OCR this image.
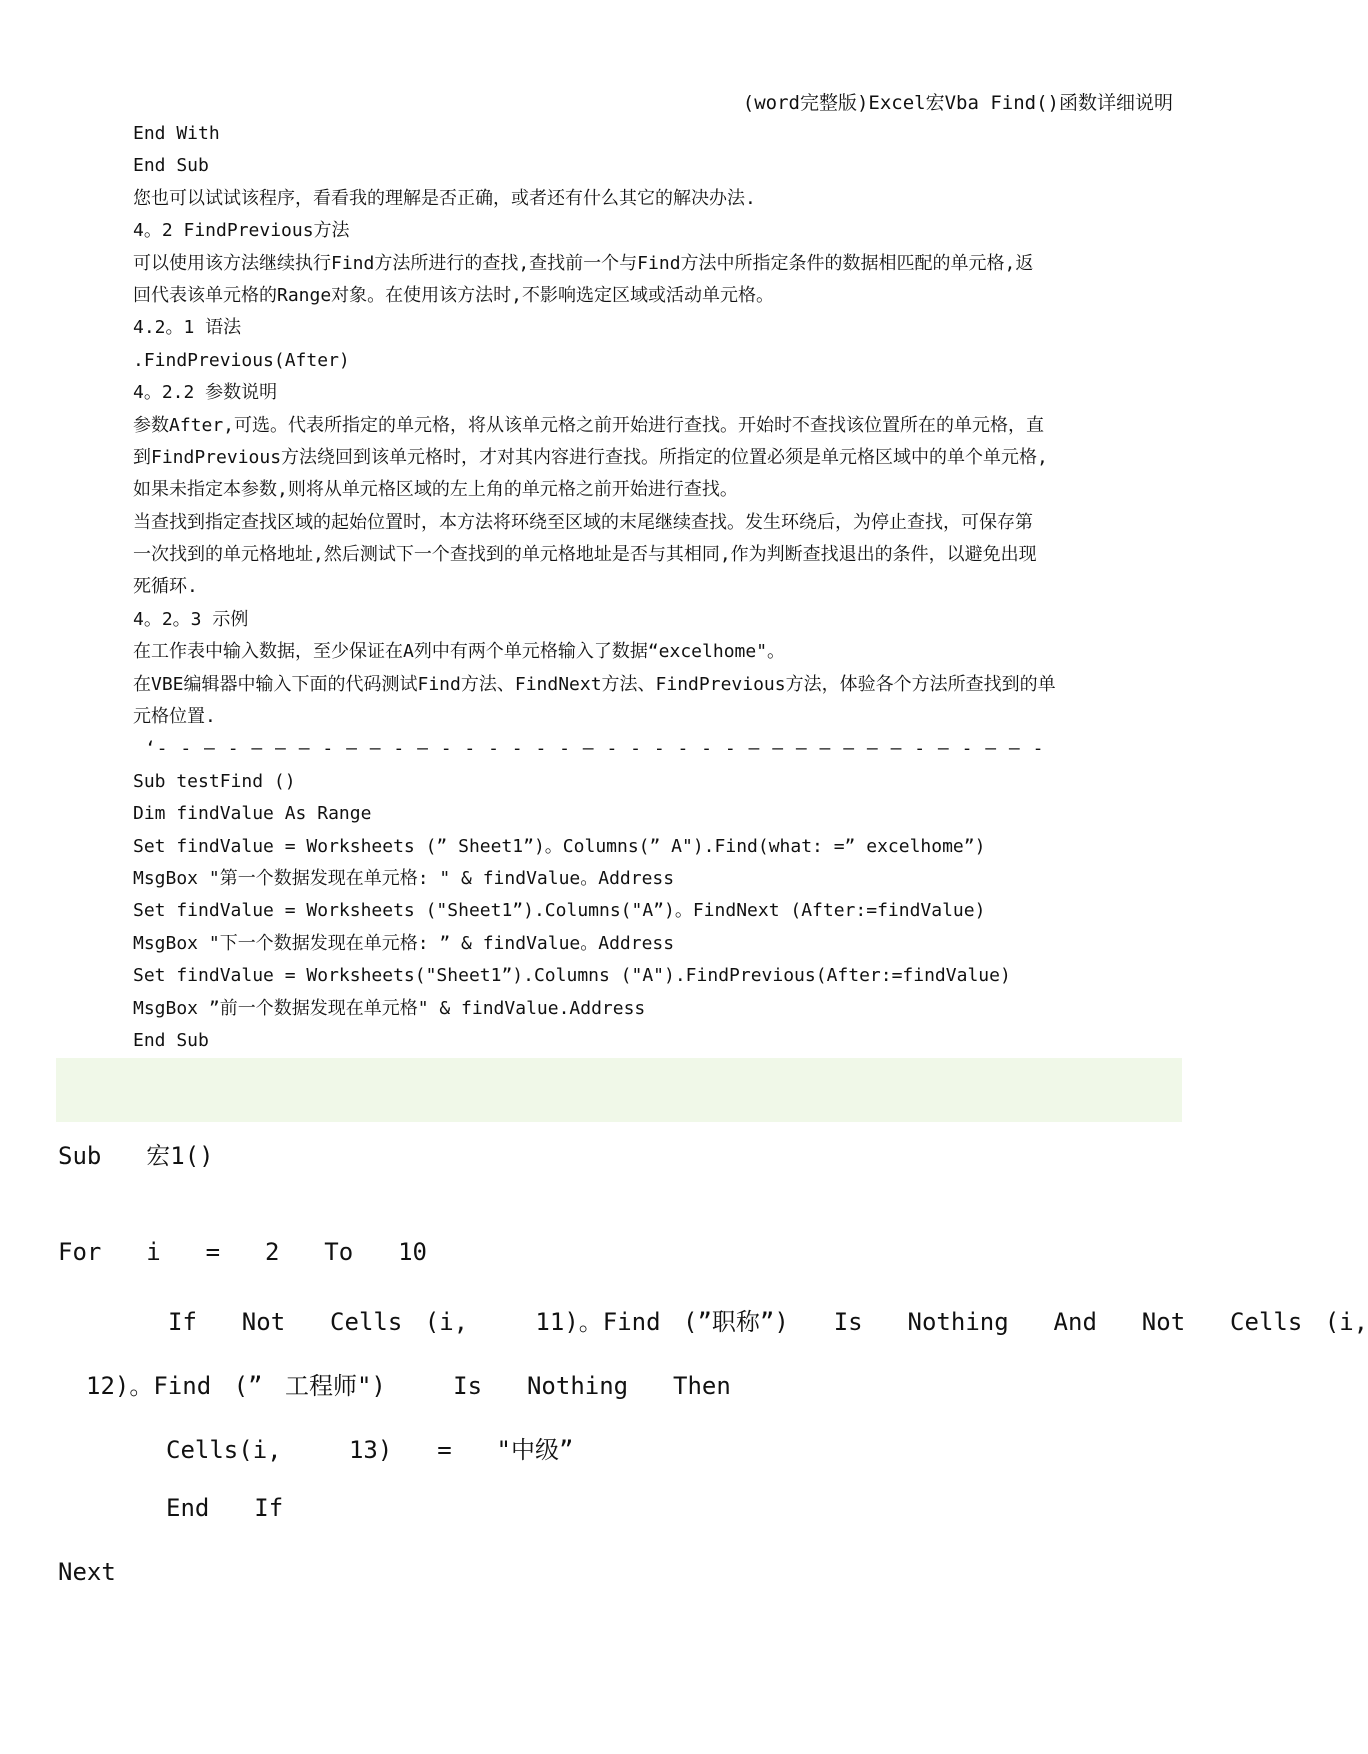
(word完整版)Excel宏Vba Find()函数详细说明
End With
End Sub
您也可以试试该程序，看看我的理解是否正确，或者还有什么其它的解决办法.
4。2 FindPrevious方法
可以使用该方法继续执行Find方法所进行的查找,查找前一个与Find方法中所指定条件的数据相匹配的单元格,返
回代表该单元格的Range对象。在使用该方法时,不影响选定区域或活动单元格。
4.2。1 语法
.FindPrevious(After)
4。2.2 参数说明
参数After,可选。代表所指定的单元格，将从该单元格之前开始进行查找。开始时不查找该位置所在的单元格，直
到FindPrevious方法绕回到该单元格时，才对其内容进行查找。所指定的位置必须是单元格区域中的单个单元格,
如果未指定本参数,则将从单元格区域的左上角的单元格之前开始进行查找。
当查找到指定查找区域的起始位置时，本方法将环绕至区域的末尾继续查找。发生环绕后，为停止查找，可保存第
一次找到的单元格地址,然后测试下一个查找到的单元格地址是否与其相同,作为判断查找退出的条件，以避免出现
死循环.
4。2。3 示例
在工作表中输入数据，至少保证在A列中有两个单元格输入了数据“excelhome"。
在VBE编辑器中输入下面的代码测试Find方法、FindNext方法、FindPrevious方法，体验各个方法所查找到的单
元格位置.
‘- - — - — — — - — — - — - - - - - - — - - - - - - — — — — — — — - — - — — -
Sub testFind ()
Dim findValue As Range
Set findValue = Worksheets (” Sheet1”)。Columns(” A").Find(what: =” excelhome”)
MsgBox "第一个数据发现在单元格: " & findValue。Address
Set findValue = Worksheets ("Sheet1”).Columns("A”)。FindNext (After:=findValue)
MsgBox "下一个数据发现在单元格: ” & findValue。Address
Set findValue = Worksheets("Sheet1”).Columns ("A").FindPrevious(After:=findValue)
MsgBox ”前一个数据发现在单元格" & findValue.Address
End Sub
Sub  宏1()
For  i  =  2  To  10
If  Not  Cells (i,   11)。Find (”职称”)  Is  Nothing  And  Not  Cells (i,
12)。Find (” 工程师")   Is  Nothing  Then
Cells(i,   13)  =  "中级”
End  If
Next
